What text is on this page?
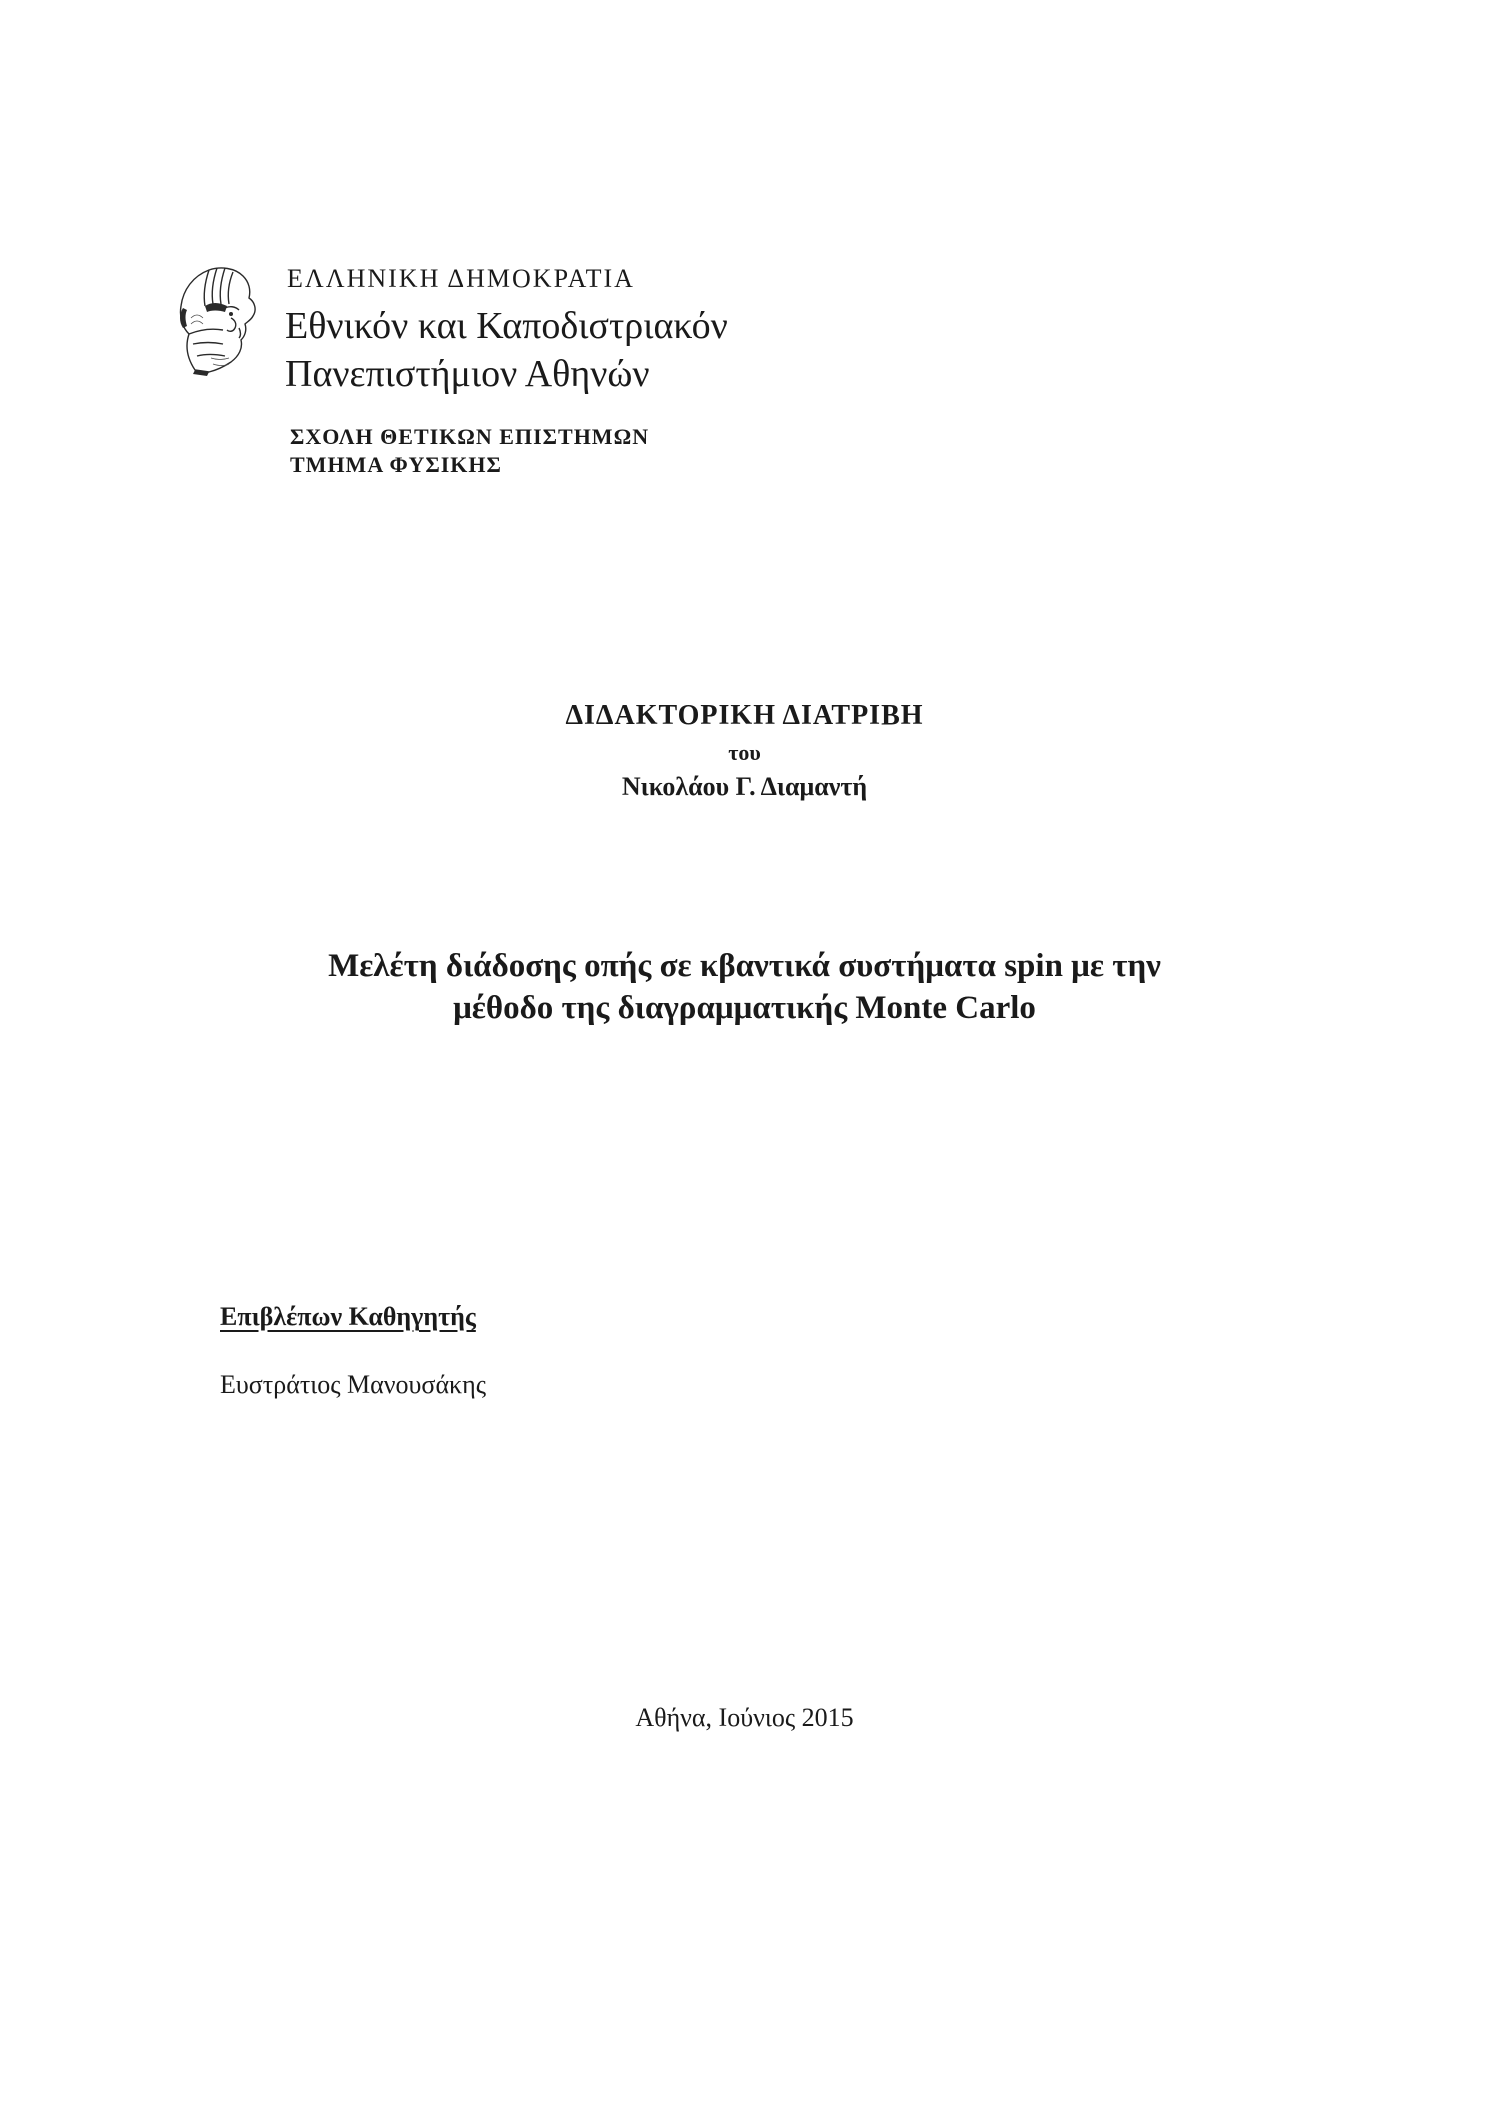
ΕΛΛΗΝΙΚΗ ΔΗΜΟΚΡΑΤΙΑ
Εθνικόν και Καποδιστριακόν
Πανεπιστήμιον Αθηνών
ΣΧΟΛΗ ΘΕΤΙΚΩΝ ΕΠΙΣΤΗΜΩΝ
ΤΜΗΜΑ ΦΥΣΙΚΗΣ
ΔΙΔΑΚΤΟΡΙΚΗ ΔΙΑΤΡΙΒΗ
του
Νικολάου Γ. Διαμαντή
Μελέτη διάδοσης οπής σε κβαντικά συστήματα spin με την
μέθοδο της διαγραμματικής Monte Carlo
Επιβλέπων Καθηγητής
Ευστράτιος Μανουσάκης
Αθήνα, Ιούνιος 2015
